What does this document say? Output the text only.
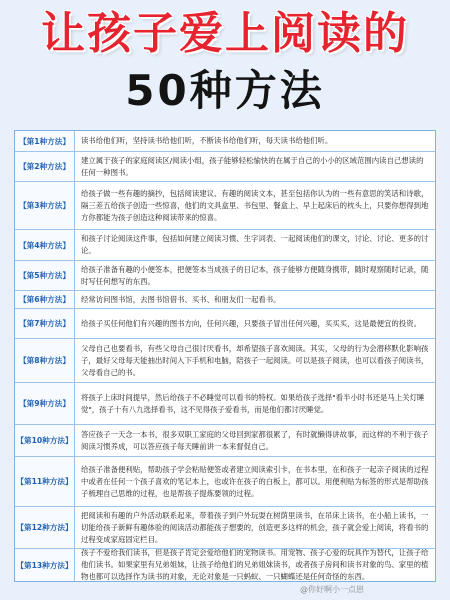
让孩子爱上阅读的
50种方法
【第1种方法】	读书给他们听，坚持读书给他们听，不断读书给他们听，每天读书给他们听。
【第2种方法】
建立属于孩子的家庭阅读区/阅读小组，孩子能够轻松愉快的在属于自己的小小的区域范围内读自己想读的任何一种图书。
【第3种方法】
给孩子做一些有趣的摘抄，包括阅读建议、有趣的阅读文本，甚至包括你认为的一些有意思的笑话和诗歌，隔三差五给孩子创造一些惊喜，他们的文具盒里、书包里、餐盒上、早上起床后的枕头上，只要你想得到地方你都能为孩子创造这种阅读带来的惊喜。
【第4种方法】
和孩子讨论阅读这件事，包括如何建立阅读习惯、生字词表、一起阅读他们的课文，讨论、讨论、更多的讨论。
【第5种方法】
给孩子准备有趣的小便签本，把便签本当成孩子的日记本，孩子能够方便随身携带，随时观察随时记录，随时写任何想写的东西。
【第6种方法】	经常访问图书馆，去图书馆借书、买书、和朋友们一起看书。
【第7种方法】	给孩子买任何他们有兴趣的图书方向，任何兴趣，只要孩子冒出任何兴趣，买买买，这是最便宜的投资。
【第8种方法】
父母自己也要看书，有些父母自己很讨厌看书，却希望孩子喜欢阅读。其实，父母的行为会潜移默化影响孩子，最好父母每天能抽出时间入下手机和电脑，陪孩子一起阅读。可以是孩子阅读，也可以看孩子阅读书，父母看自己的书。
【第9种方法】
将孩子上床时间提早，然后给孩子不必睡觉可以看书的特权。如果给孩子选择"看半小时书还是马上关灯睡觉"，孩子十有八九选择看书，这不见得孩子爱看书，而是他们都讨厌睡觉。
【第10种方法】
答应孩子一天念一本书，很多双职工家庭的父母回到家都很累了，有时就懒得讲故事，而这样的不利于孩子阅读习惯养成，可以答应孩子每天睡前讲一本来督促自己。
【第11种方法】
给孩子准备便利贴，帮助孩子学会粘贴便签或者建立阅读索引卡，在书本里，在和孩子一起亲子阅读的过程中或者在任何一个孩子喜欢的笔记本上，也或许在孩子的白板上，都可以。用便利贴为标签的形式是帮助孩子梳理自己思维的过程，也是帮孩子提炼要领的过程。
【第12种方法】
把阅读和有趣的户外活动联系起来，带着孩子到户外玩耍在树荫里读书，在吊床上读书，在小船上读书，一切能给孩子新鲜有趣体验的阅读活动都能孩子想要的，创造更多这样的机会，孩子就会爱上阅读，将看书的过程变成家庭固定栏目。
【第13种方法】
孩子不爱给我们读书，但是孩子肯定会爱给他们的宠物读书。用宠物、孩子心爱的玩具作为替代，让孩子给他们读书。如果家里有兄弟姐妹，让孩子给他们的兄弟姐妹读书，或者孩子房间和读书对象的鸟、家里的植物也都可以选择作为读书的对象，无论对象是一只蚂蚁、一只蝴蝶还是任何奇怪的东西。
@你好啊小一点崽
